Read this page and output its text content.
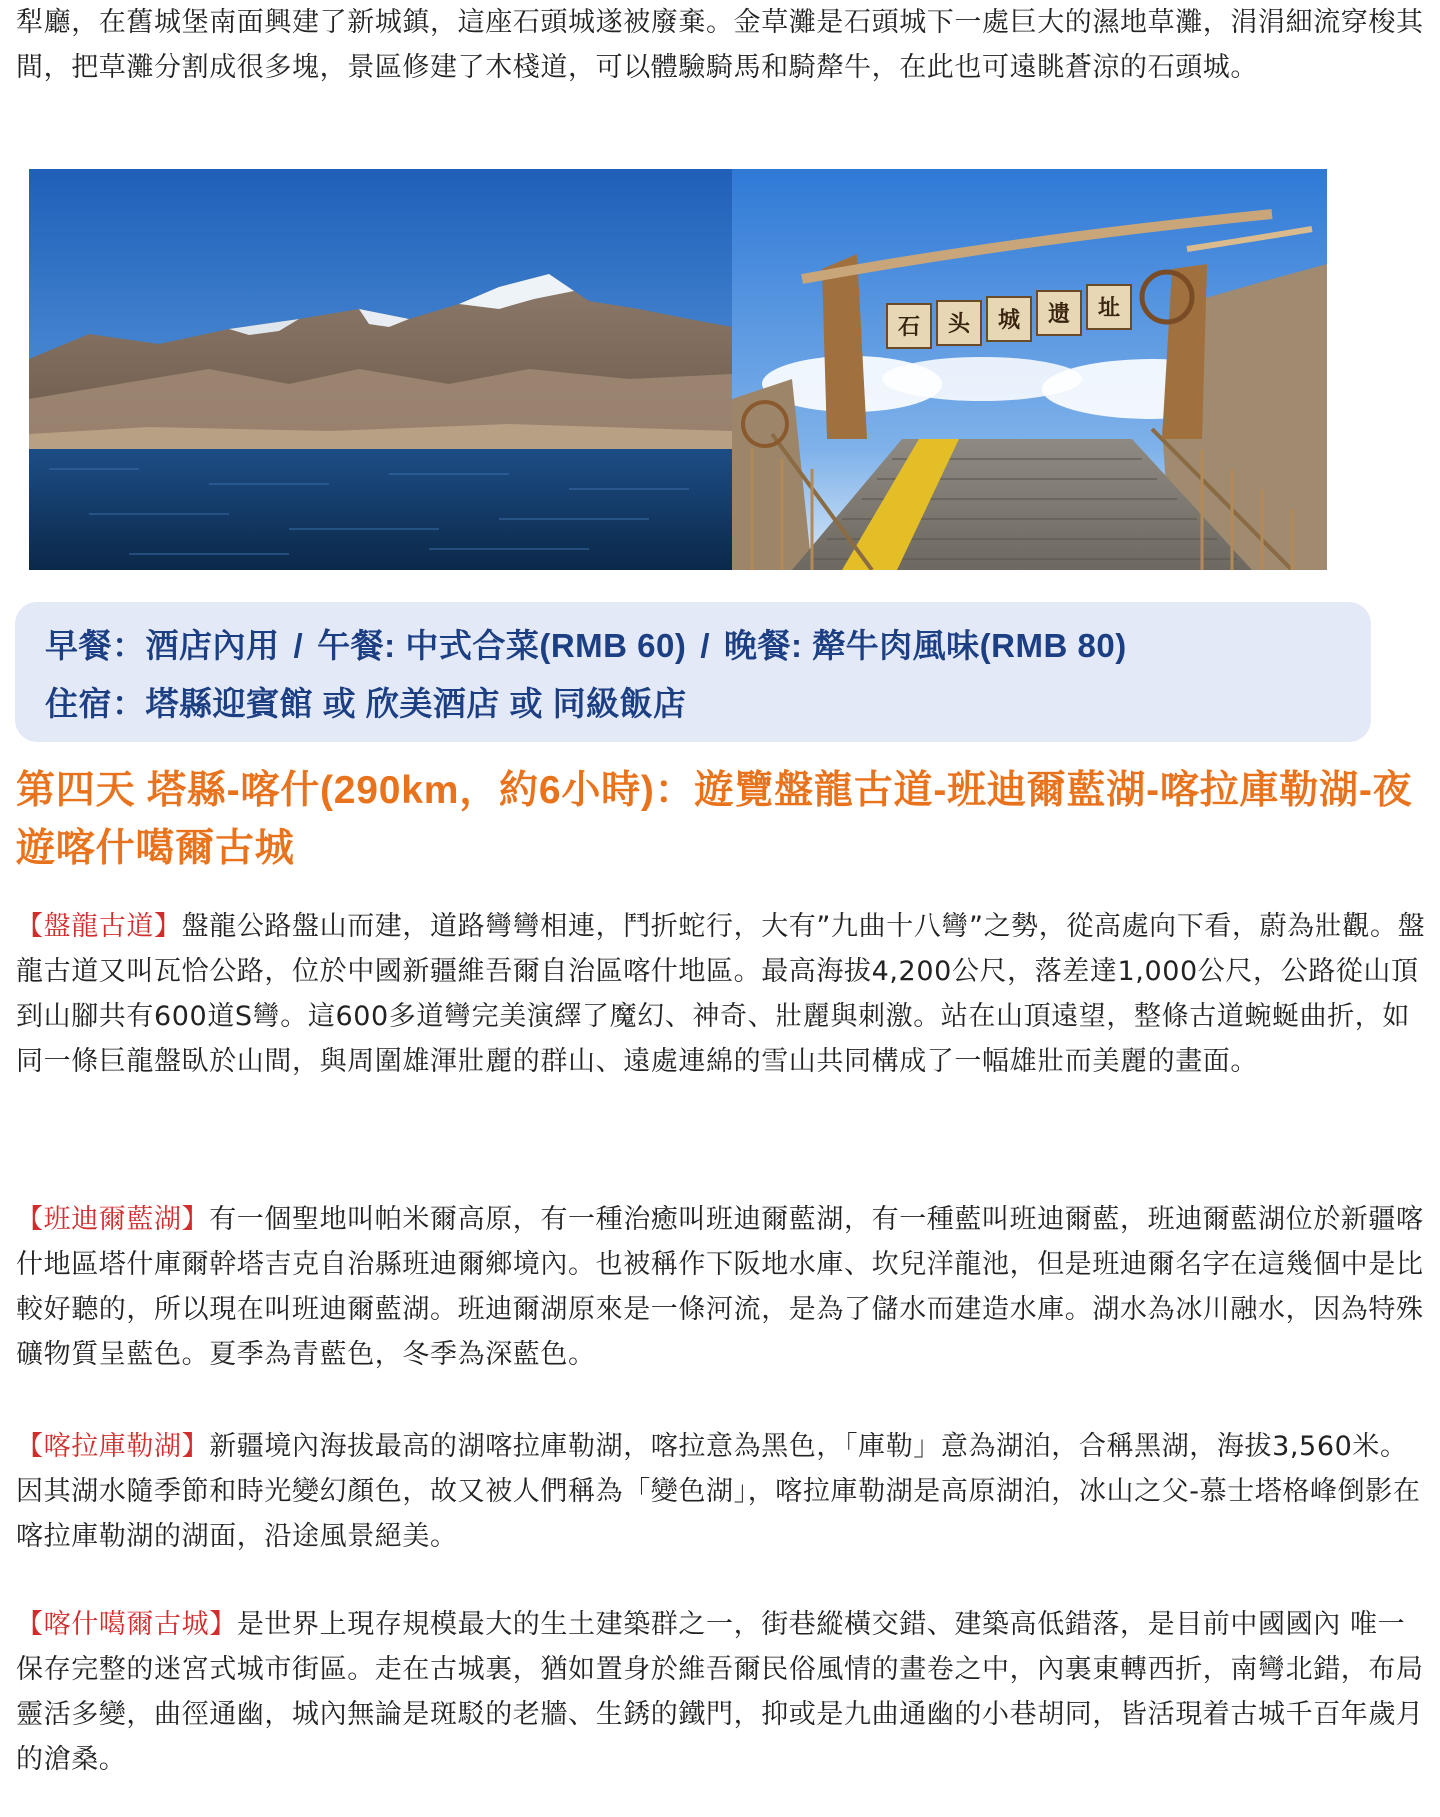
犁廳，在舊城堡南面興建了新城鎮，這座石頭城遂被廢棄。金草灘是石頭城下一處巨大的濕地草灘，涓涓細流穿梭其間，把草灘分割成很多塊，景區修建了木棧道，可以體驗騎馬和騎犛牛，在此也可遠眺蒼涼的石頭城。

石 头 城 遗 址
早餐：酒店內用 / 午餐: 中式合菜(RMB 60) / 晚餐: 犛牛肉風味(RMB 80)
住宿：塔縣迎賓館 或 欣美酒店 或 同級飯店
第四天 塔縣-喀什(290km，約6小時)：遊覽盤龍古道-班迪爾藍湖-喀拉庫勒湖-夜遊喀什噶爾古城

【盤龍古道】盤龍公路盤山而建，道路彎彎相連，鬥折蛇行，大有”九曲十八彎”之勢，從高處向下看，蔚為壯觀。盤龍古道又叫瓦恰公路，位於中國新疆維吾爾自治區喀什地區。最高海拔4,200公尺，落差達1,000公尺，公路從山頂到山腳共有600道S彎。這600多道彎完美演繹了魔幻、神奇、壯麗與刺激。站在山頂遠望，整條古道蜿蜒曲折，如同一條巨龍盤臥於山間，與周圍雄渾壯麗的群山、遠處連綿的雪山共同構成了一幅雄壯而美麗的畫面。

【班迪爾藍湖】有一個聖地叫帕米爾高原，有一種治癒叫班迪爾藍湖，有一種藍叫班迪爾藍，班迪爾藍湖位於新疆喀什地區塔什庫爾幹塔吉克自治縣班迪爾鄉境內。也被稱作下阪地水庫、坎兒洋龍池，但是班迪爾名字在這幾個中是比較好聽的，所以現在叫班迪爾藍湖。班迪爾湖原來是一條河流，是為了儲水而建造水庫。湖水為冰川融水，因為特殊礦物質呈藍色。夏季為青藍色，冬季為深藍色。

【喀拉庫勒湖】新疆境內海拔最高的湖喀拉庫勒湖，喀拉意為黑色，「庫勒」意為湖泊，合稱黑湖，海拔3,560米。因其湖水隨季節和時光變幻顏色，故又被人們稱為「變色湖」，喀拉庫勒湖是高原湖泊，冰山之父-慕士塔格峰倒影在喀拉庫勒湖的湖面，沿途風景絕美。

【喀什噶爾古城】是世界上現存規模最大的生土建築群之一，街巷縱橫交錯、建築高低錯落，是目前中國國內 唯一保存完整的迷宮式城市街區。走在古城裏，猶如置身於維吾爾民俗風情的畫卷之中，內裏東轉西折，南彎北錯，布局靈活多變，曲徑通幽，城內無論是斑駁的老牆、生銹的鐵門，抑或是九曲通幽的小巷胡同，皆活現着古城千百年歲月的滄桑。
